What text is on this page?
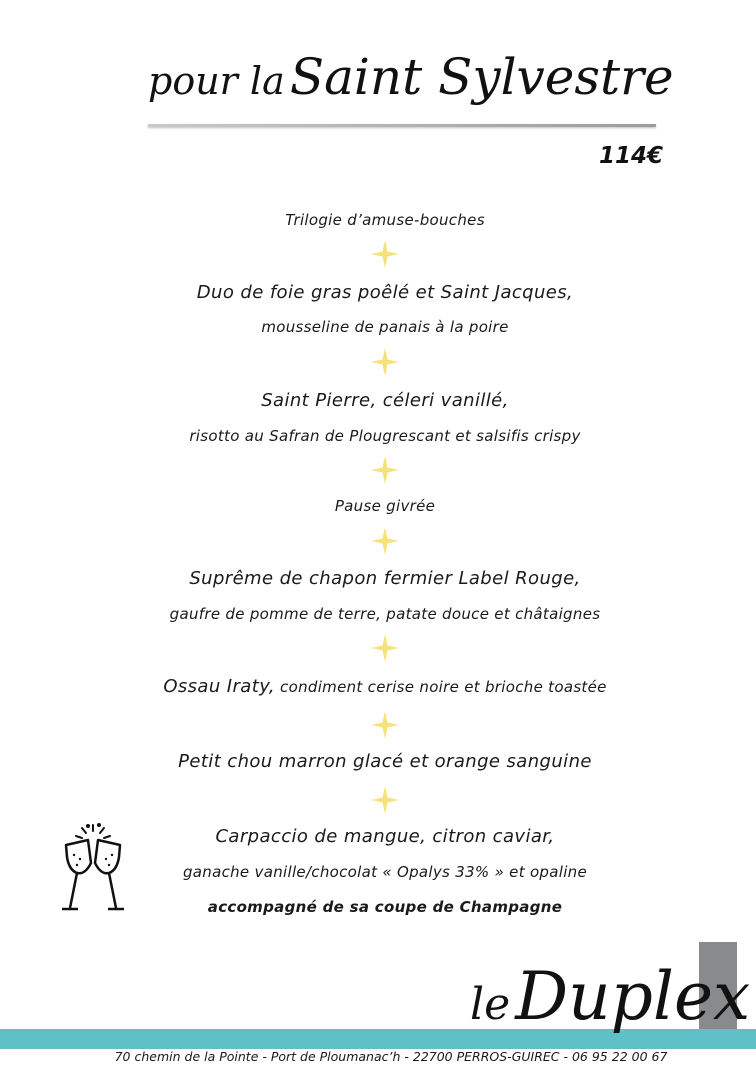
pour la Saint Sylvestre
114€
Trilogie d’amuse-bouches
Duo de foie gras poêlé et Saint Jacques,
mousseline de panais à la poire
Saint Pierre, céleri vanillé,
risotto au Safran de Plougrescant et salsifis crispy
Pause givrée
Suprême de chapon fermier Label Rouge,
gaufre de pomme de terre, patate douce et châtaignes
Ossau Iraty, condiment cerise noire et brioche toastée
Petit chou marron glacé et orange sanguine
Carpaccio de mangue, citron caviar,
ganache vanille/chocolat « Opalys 33% » et opaline
accompagné de sa coupe de Champagne
le Duplex
70 chemin de la Pointe - Port de Ploumanac’h - 22700 PERROS-GUIREC - 06 95 22 00 67
